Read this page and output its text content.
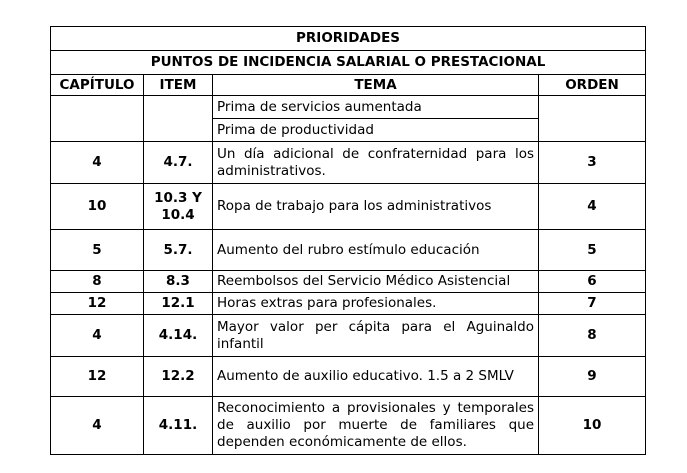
PRIORIDADES			
PUNTOS DE INCIDENCIA SALARIAL O PRESTACIONAL			
CAPÍTULO	ITEM	TEMA	ORDEN
		Prima de servicios aumentada	
		Prima de productividad	
4	4.7.	Un día adicional de confraternidad para los administrativos.	3
10	10.3 Y 10.4	Ropa de trabajo para los administrativos	4
5	5.7.	Aumento del rubro estímulo educación	5
8	8.3	Reembolsos del Servicio Médico Asistencial	6
12	12.1	Horas extras para profesionales.	7
4	4.14.	Mayor valor per cápita para el Aguinaldo infantil	8
12	12.2	Aumento de auxilio educativo. 1.5 a 2 SMLV	9
4	4.11.	Reconocimiento a provisionales y temporales de auxilio por muerte de familiares que dependen económicamente de ellos.	10
